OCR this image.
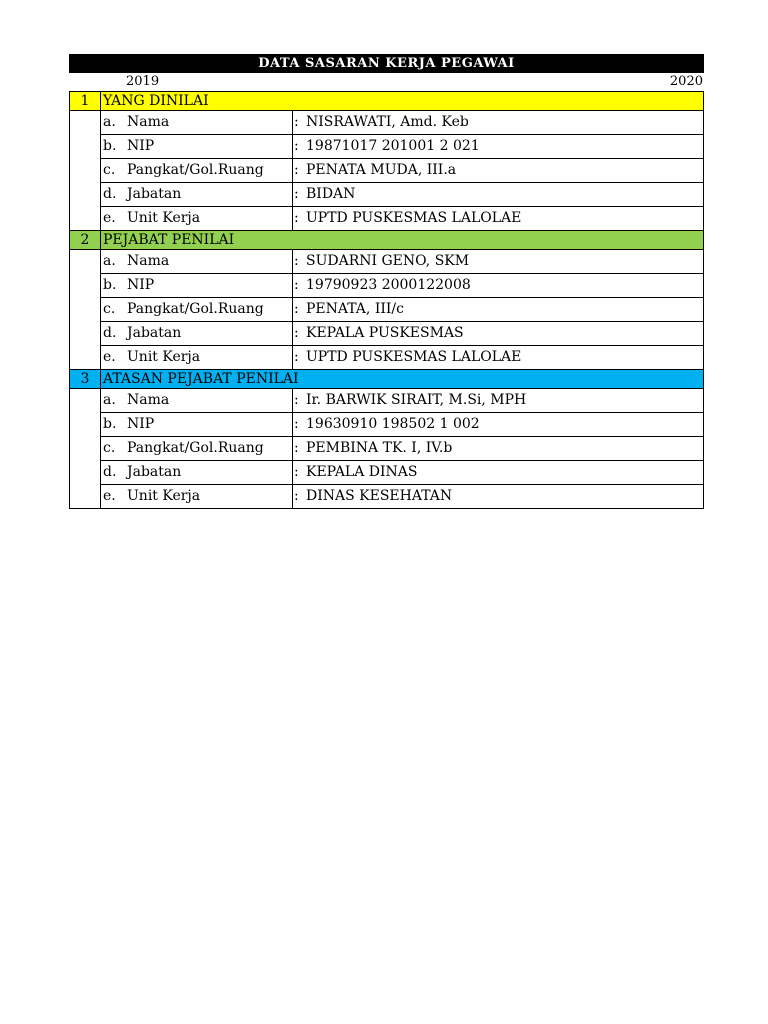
DATA SASARAN KERJA PEGAWAI
2019	2020
1	YANG DINILAI	
	a. Nama	: NISRAWATI, Amd. Keb
	b. NIP	: 19871017 201001 2 021
	c. Pangkat/Gol.Ruang	: PENATA MUDA, III.a
	d. Jabatan	: BIDAN
	e. Unit Kerja	: UPTD PUSKESMAS LALOLAE
2	PEJABAT PENILAI	
	a. Nama	: SUDARNI GENO, SKM
	b. NIP	: 19790923 2000122008
	c. Pangkat/Gol.Ruang	: PENATA, III/c
	d. Jabatan	: KEPALA PUSKESMAS
	e. Unit Kerja	: UPTD PUSKESMAS LALOLAE
3	ATASAN PEJABAT PENILAI	
	a. Nama	: Ir. BARWIK SIRAIT, M.Si, MPH
	b. NIP	: 19630910 198502 1 002
	c. Pangkat/Gol.Ruang	: PEMBINA TK. I, IV.b
	d. Jabatan	: KEPALA DINAS
	e. Unit Kerja	: DINAS KESEHATAN
